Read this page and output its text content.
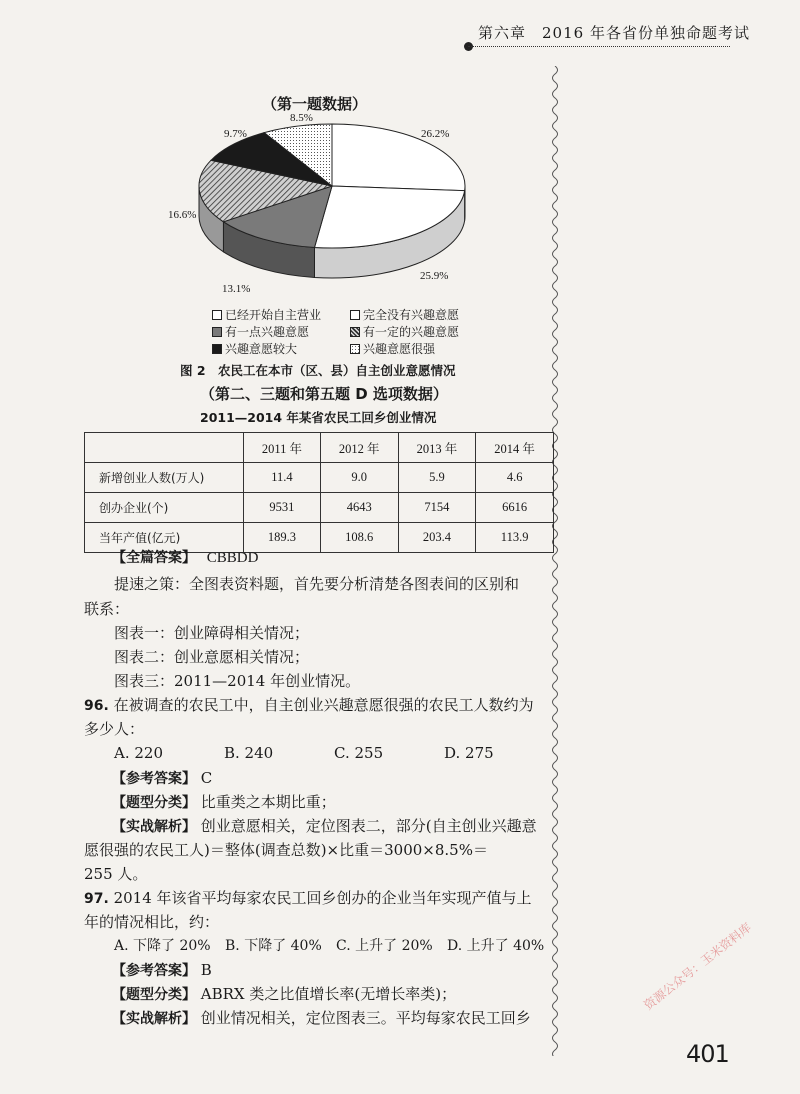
第六章　2016 年各省份单独命题考试
（第一题数据）
26.2%
25.9%
13.1%
16.6%
9.7%
8.5%
已经开始自主营业	完全没有兴趣意愿
有一点兴趣意愿	有一定的兴趣意愿
兴趣意愿较大	兴趣意愿很强
图 2　农民工在本市（区、县）自主创业意愿情况
（第二、三题和第五题 D 选项数据）
2011—2014 年某省农民工回乡创业情况
	2011 年	2012 年	2013 年	2014 年
新增创业人数(万人)	11.4	9.0	5.9	4.6
创办企业(个)	9531	4643	7154	6616
当年产值(亿元)	189.3	108.6	203.4	113.9
【全篇答案】 CBBDD
提速之策：全图表资料题，首先要分析清楚各图表间的区别和
联系：
图表一：创业障碍相关情况；
图表二：创业意愿相关情况；
图表三：2011—2014 年创业情况。
96. 在被调查的农民工中，自主创业兴趣意愿很强的农民工人数约为
多少人：
A. 220	B. 240	C. 255	D. 275
【参考答案】 C
【题型分类】 比重类之本期比重；
【实战解析】 创业意愿相关，定位图表二，部分(自主创业兴趣意
愿很强的农民工人)＝整体(调查总数)×比重＝3000×8.5%＝
255 人。
97. 2014 年该省平均每家农民工回乡创办的企业当年实现产值与上
年的情况相比，约：
A. 下降了 20% B. 下降了 40% C. 上升了 20% D. 上升了 40%
【参考答案】 B
【题型分类】 ABRX 类之比值增长率(无增长率类)；
【实战解析】 创业情况相关，定位图表三。平均每家农民工回乡
401
资源公众号：玉米资料库
